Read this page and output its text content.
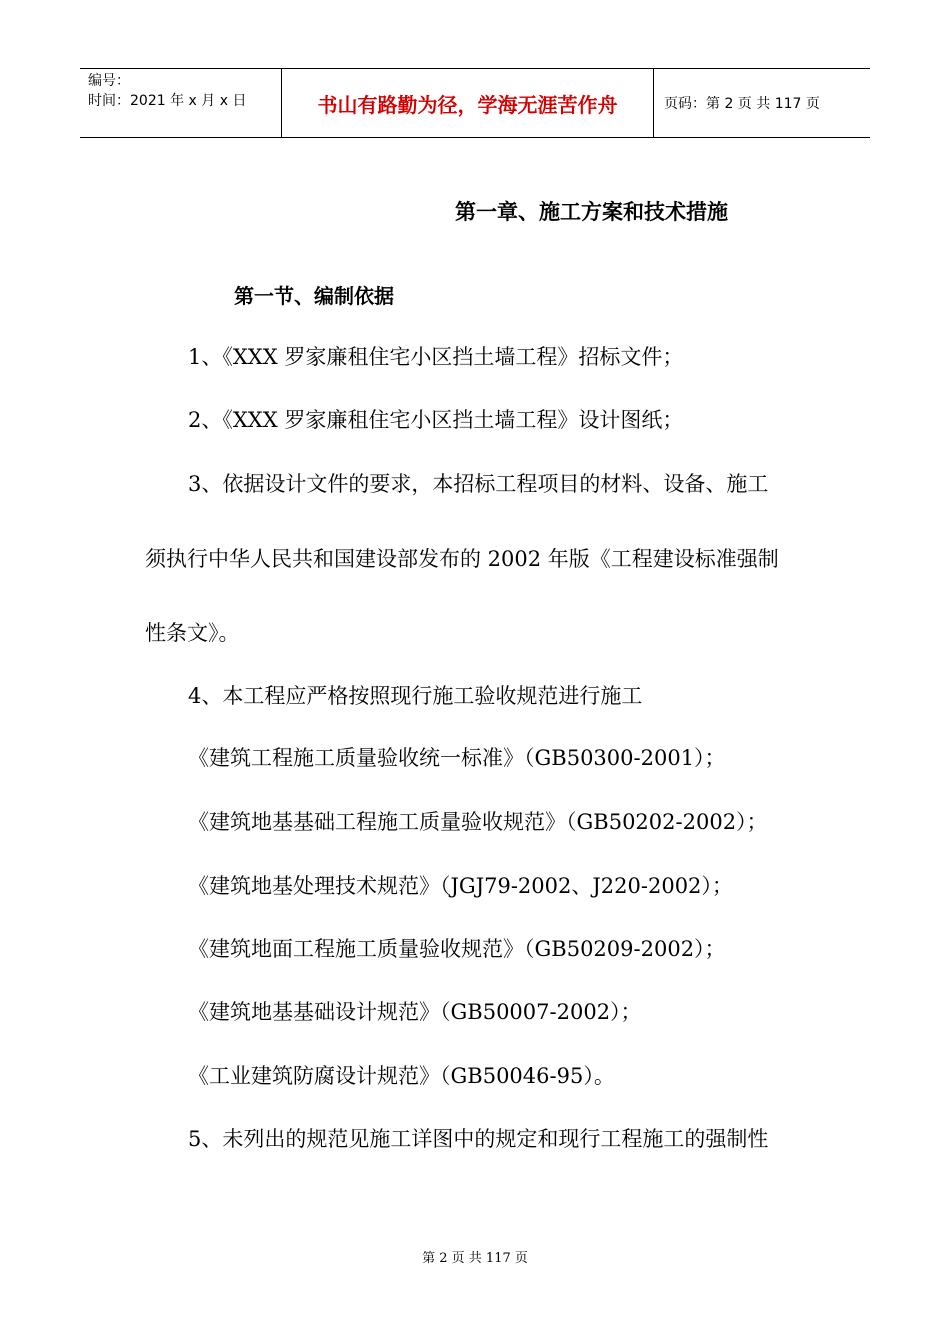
编号：
时间：2021 年 x 月 x 日	书山有路勤为径，学海无涯苦作舟	页码：第 2 页 共 117 页
第一章、施工方案和技术措施
第一节、编制依据
1、《XXX 罗家廉租住宅小区挡土墙工程》招标文件；
2、《XXX 罗家廉租住宅小区挡土墙工程》设计图纸；
3、依据设计文件的要求，本招标工程项目的材料、设备、施工
须执行中华人民共和国建设部发布的 2002 年版《工程建设标准强制
性条文》。
4、本工程应严格按照现行施工验收规范进行施工
《建筑工程施工质量验收统一标准》（GB50300-2001）；
《建筑地基基础工程施工质量验收规范》（GB50202-2002）；
《建筑地基处理技术规范》（JGJ79-2002、J220-2002）；
《建筑地面工程施工质量验收规范》（GB50209-2002）；
《建筑地基基础设计规范》（GB50007-2002）；
《工业建筑防腐设计规范》（GB50046-95）。
5、未列出的规范见施工详图中的规定和现行工程施工的强制性
第 2 页 共 117 页
